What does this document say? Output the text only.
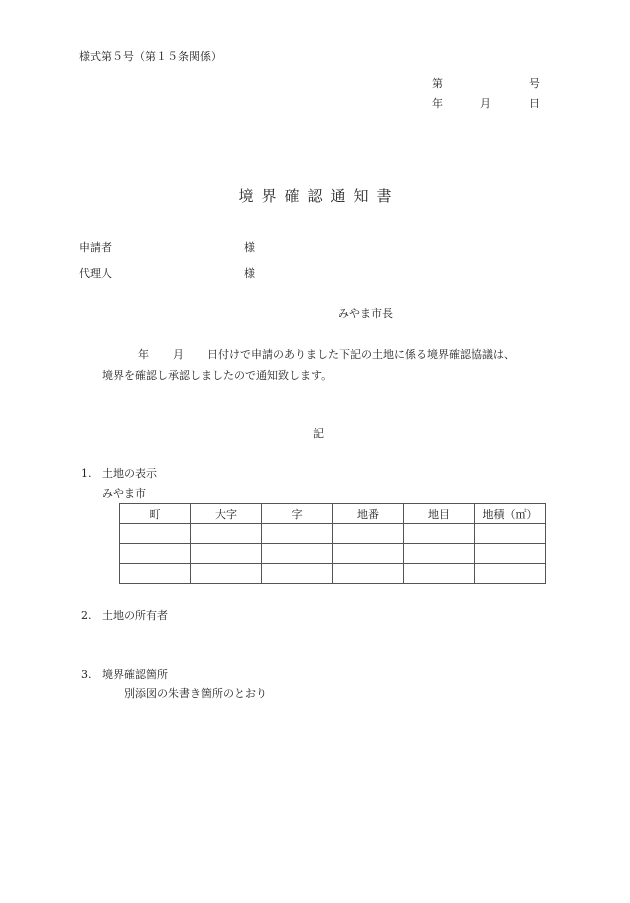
様式第５号（第１５条関係）
第	号
年	月	日
境界確認通知書
申請者	様
代理人	様
みやま市長
年 月 日付けで申請のありました下記の土地に係る境界確認協議は、
境界を確認し承認しましたので通知致します。
記
1. 土地の表示
みやま市
町	大字	字	地番	地目	地積（㎡）

2. 土地の所有者
3. 境界確認箇所
別添図の朱書き箇所のとおり
